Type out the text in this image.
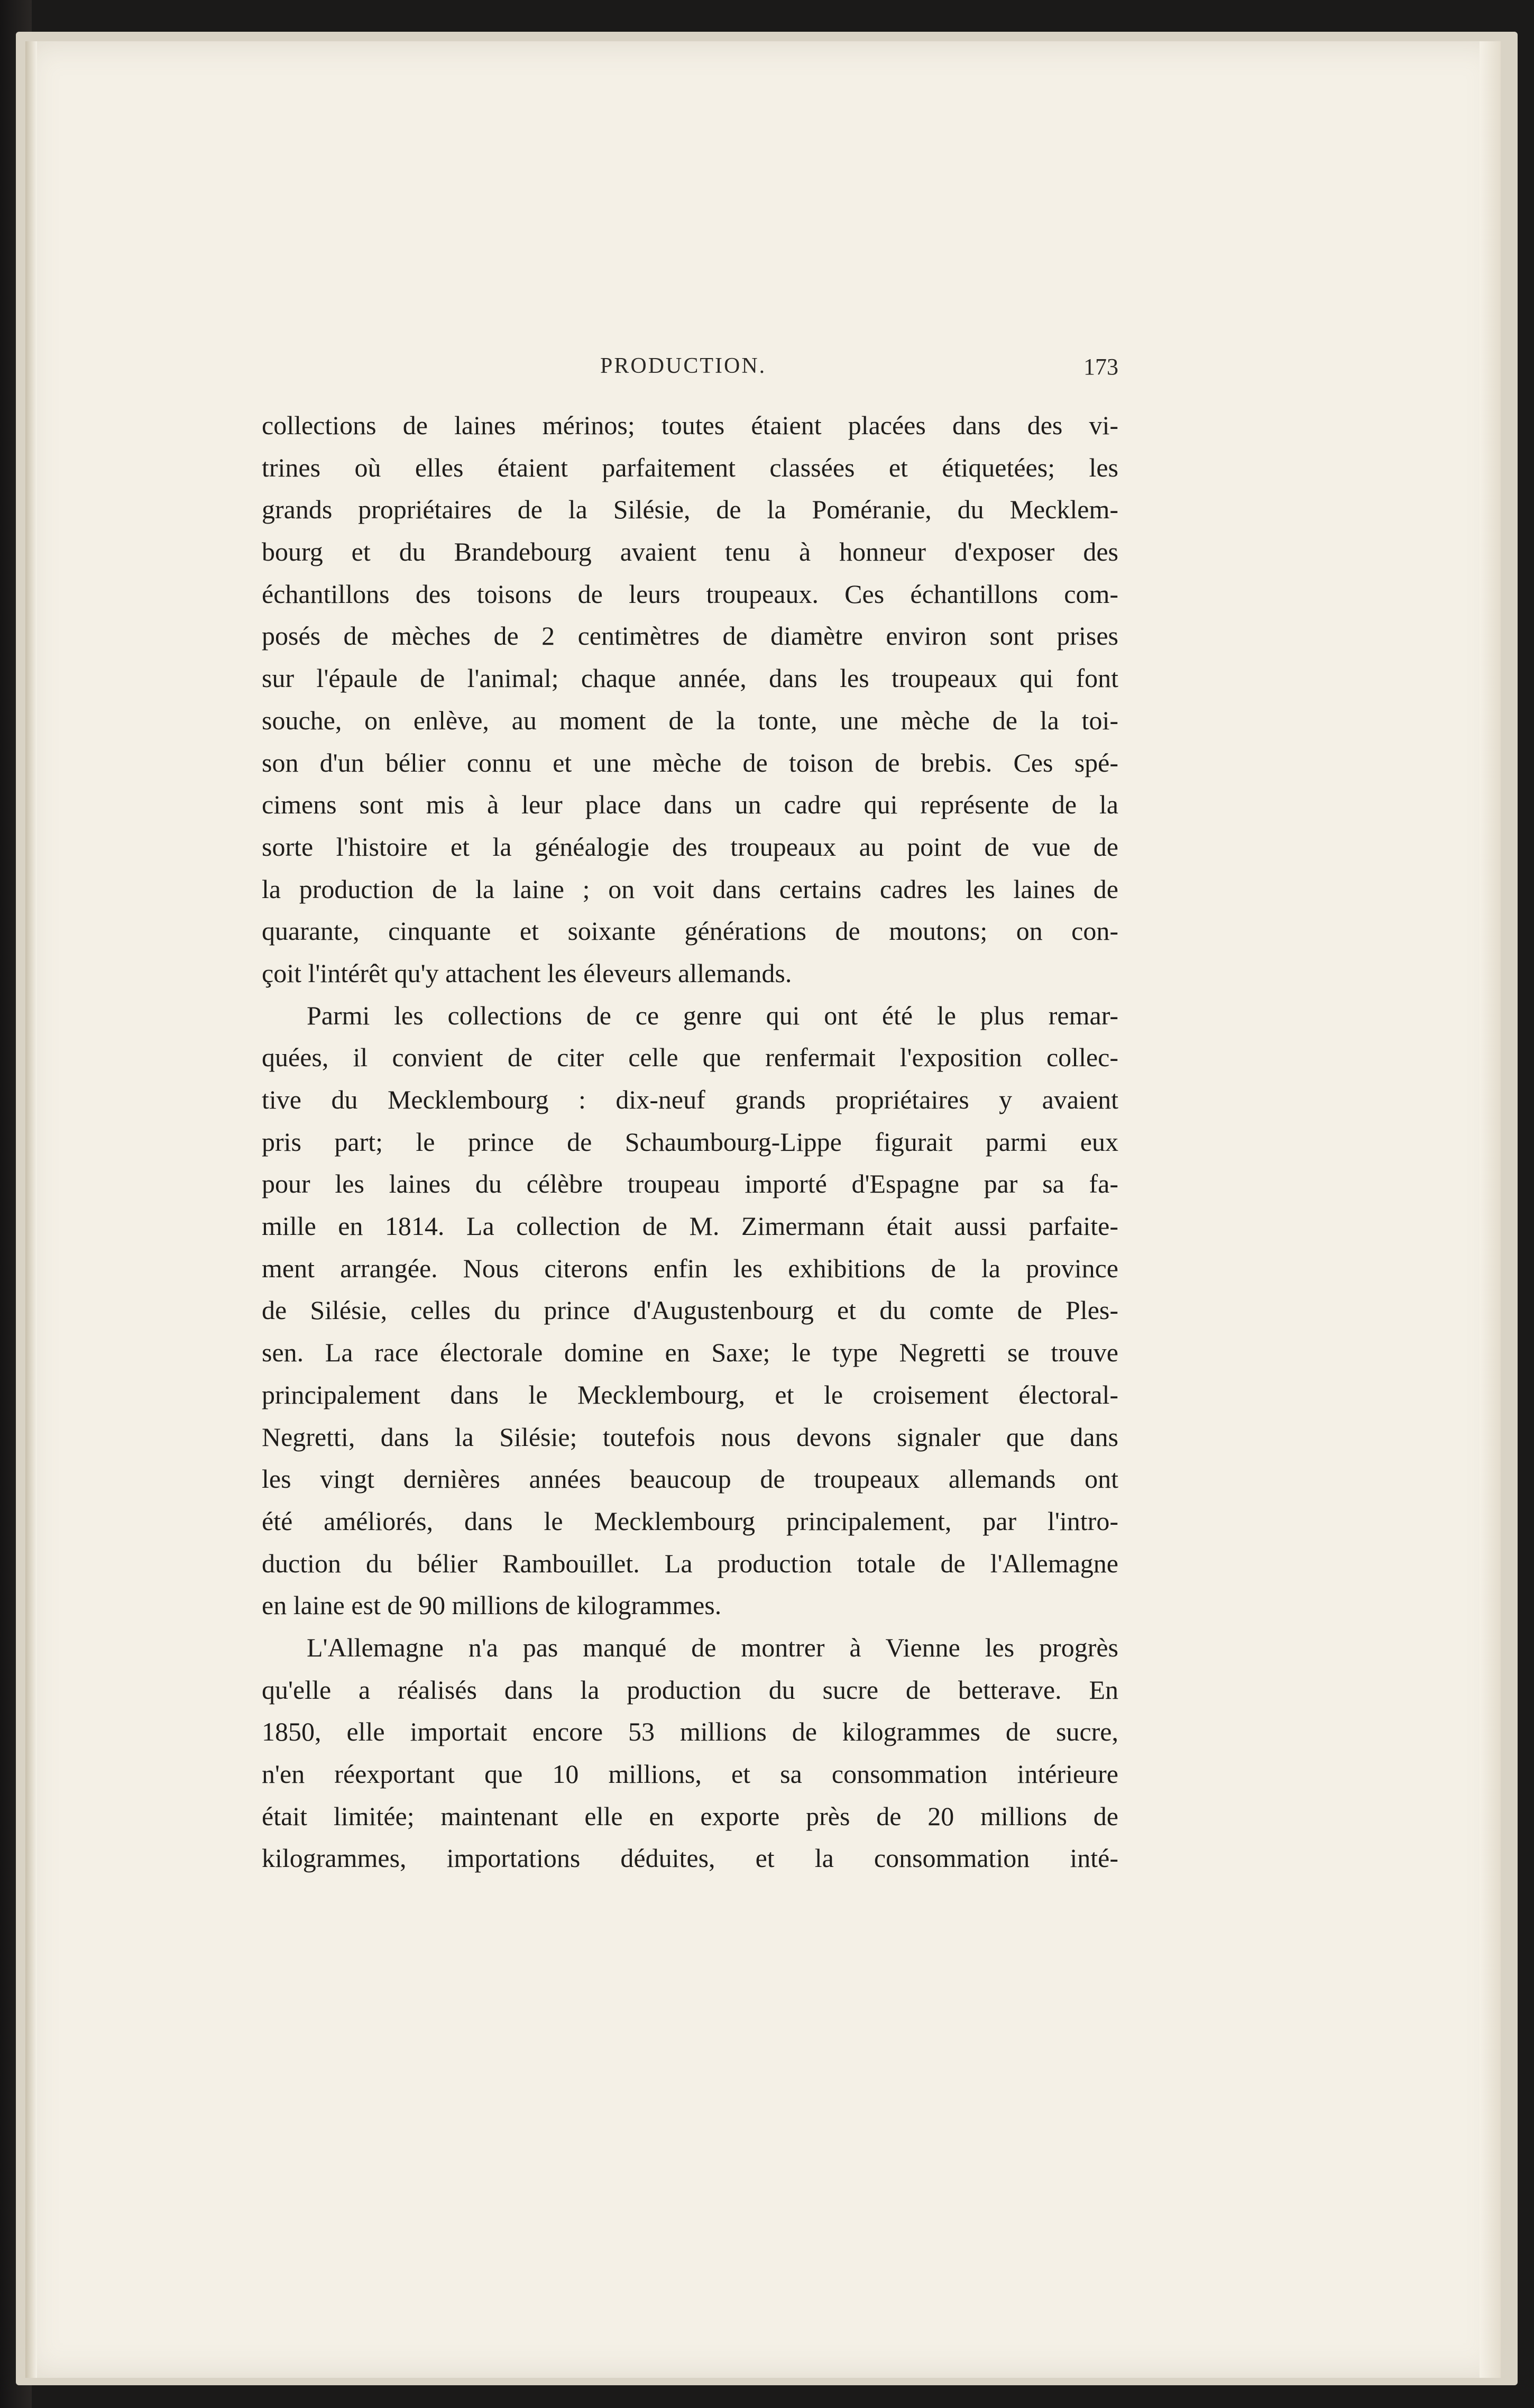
PRODUCTION.	173
collections de laines mérinos; toutes étaient placées dans des vi-
trines où elles étaient parfaitement classées et étiquetées; les
grands propriétaires de la Silésie, de la Poméranie, du Mecklem-
bourg et du Brandebourg avaient tenu à honneur d'exposer des
échantillons des toisons de leurs troupeaux. Ces échantillons com-
posés de mèches de 2 centimètres de diamètre environ sont prises
sur l'épaule de l'animal; chaque année, dans les troupeaux qui font
souche, on enlève, au moment de la tonte, une mèche de la toi-
son d'un bélier connu et une mèche de toison de brebis. Ces spé-
cimens sont mis à leur place dans un cadre qui représente de la
sorte l'histoire et la généalogie des troupeaux au point de vue de
la production de la laine ; on voit dans certains cadres les laines de
quarante, cinquante et soixante générations de moutons; on con-
çoit l'intérêt qu'y attachent les éleveurs allemands.
Parmi les collections de ce genre qui ont été le plus remar-
quées, il convient de citer celle que renfermait l'exposition collec-
tive du Mecklembourg : dix-neuf grands propriétaires y avaient
pris part; le prince de Schaumbourg-Lippe figurait parmi eux
pour les laines du célèbre troupeau importé d'Espagne par sa fa-
mille en 1814. La collection de M. Zimermann était aussi parfaite-
ment arrangée. Nous citerons enfin les exhibitions de la province
de Silésie, celles du prince d'Augustenbourg et du comte de Ples-
sen. La race électorale domine en Saxe; le type Negretti se trouve
principalement dans le Mecklembourg, et le croisement électoral-
Negretti, dans la Silésie; toutefois nous devons signaler que dans
les vingt dernières années beaucoup de troupeaux allemands ont
été améliorés, dans le Mecklembourg principalement, par l'intro-
duction du bélier Rambouillet. La production totale de l'Allemagne
en laine est de 90 millions de kilogrammes.
L'Allemagne n'a pas manqué de montrer à Vienne les progrès
qu'elle a réalisés dans la production du sucre de betterave. En
1850, elle importait encore 53 millions de kilogrammes de sucre,
n'en réexportant que 10 millions, et sa consommation intérieure
était limitée; maintenant elle en exporte près de 20 millions de
kilogrammes, importations déduites, et la consommation inté-
